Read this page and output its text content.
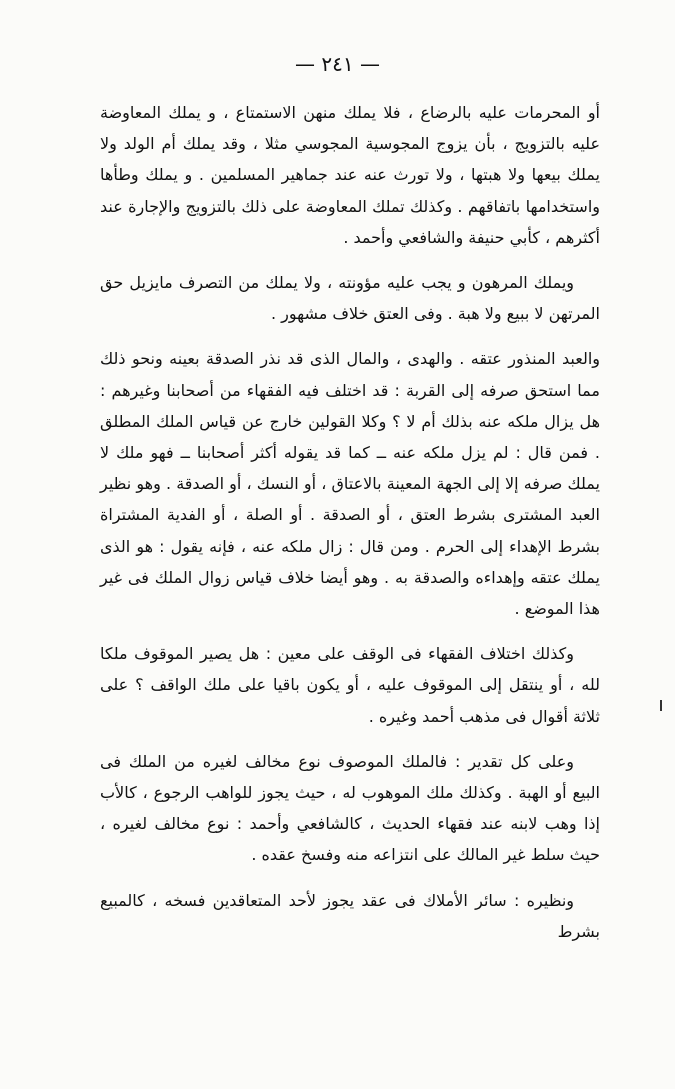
— ٢٤١ —

أو المحرمات عليه بالرضاع ، فلا يملك منهن الاستمتاع ، و يملك المعاوضة عليه بالتزويج ، بأن يزوج المجوسية المجوسي مثلا ، وقد يملك أم الولد ولا يملك بيعها ولا هبتها ، ولا تورث عنه عند جماهير المسلمين . و يملك وطأها واستخدامها باتفاقهم . وكذلك تملك المعاوضة على ذلك بالتزويج والإجارة عند أكثرهم ، كأبي حنيفة والشافعي وأحمد .

ويملك المرهون و يجب عليه مؤونته ، ولا يملك من التصرف مايزيل حق المرتهن لا ببيع ولا هبة . وفى العتق خلاف مشهور .

والعبد المنذور عتقه . والهدى ، والمال الذى قد نذر الصدقة بعينه ونحو ذلك مما استحق صرفه إلى القربة : قد اختلف فيه الفقهاء من أصحابنا وغيرهم : هل يزال ملكه عنه بذلك أم لا ؟ وكلا القولين خارج عن قياس الملك المطلق . فمن قال : لم يزل ملكه عنه ــ كما قد يقوله أكثر أصحابنا ــ فهو ملك لا يملك صرفه إلا إلى الجهة المعينة بالاعتاق ، أو النسك ، أو الصدقة . وهو نظير العبد المشترى بشرط العتق ، أو الصدقة . أو الصلة ، أو الفدية المشتراة بشرط الإهداء إلى الحرم . ومن قال : زال ملكه عنه ، فإنه يقول : هو الذى يملك عتقه وإهداءه والصدقة به . وهو أيضا خلاف قياس زوال الملك فى غير هذا الموضع .

وكذلك اختلاف الفقهاء فى الوقف على معين : هل يصير الموقوف ملكا لله ، أو ينتقل إلى الموقوف عليه ، أو يكون باقيا على ملك الواقف ؟ على ثلاثة أقوال فى مذهب أحمد وغيره .

وعلى كل تقدير : فالملك الموصوف نوع مخالف لغيره من الملك فى البيع أو الهبة . وكذلك ملك الموهوب له ، حيث يجوز للواهب الرجوع ، كالأب إذا وهب لابنه عند فقهاء الحديث ، كالشافعي وأحمد : نوع مخالف لغيره ، حيث سلط غير المالك على انتزاعه منه وفسخ عقده .

ونظيره : سائر الأملاك فى عقد يجوز لأحد المتعاقدين فسخه ، كالمبيع بشرط
